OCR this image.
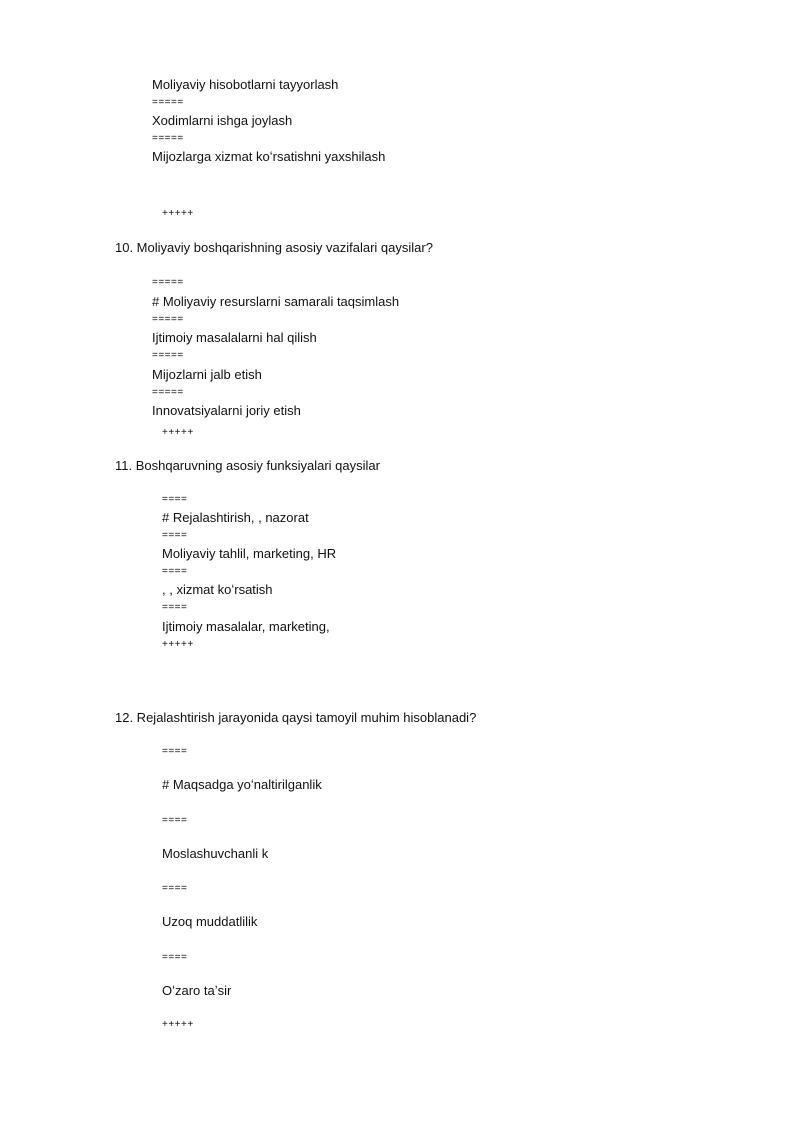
Moliyaviy hisobotlarni tayyorlash
=====
Xodimlarni ishga joylash
=====
Mijozlarga xizmat koʻrsatishni yaxshilash
+++++
10. Moliyaviy boshqarishning asosiy vazifalari qaysilar?
=====
# Moliyaviy resurslarni samarali taqsimlash
=====
Ijtimoiy masalalarni hal qilish
=====
Mijozlarni jalb etish
=====
Innovatsiyalarni joriy etish
+++++
11. Boshqaruvning asosiy funksiyalari qaysilar
====
# Rejalashtirish, , nazorat
====
Moliyaviy tahlil, marketing, HR
====
, , xizmat koʻrsatish
====
Ijtimoiy masalalar, marketing,
+++++
12. Rejalashtirish jarayonida qaysi tamoyil muhim hisoblanadi?
====
# Maqsadga yoʻnaltirilganlik
====
Moslashuvchanli k
====
Uzoq muddatlilik
====
Oʻzaro taʼsir
+++++
